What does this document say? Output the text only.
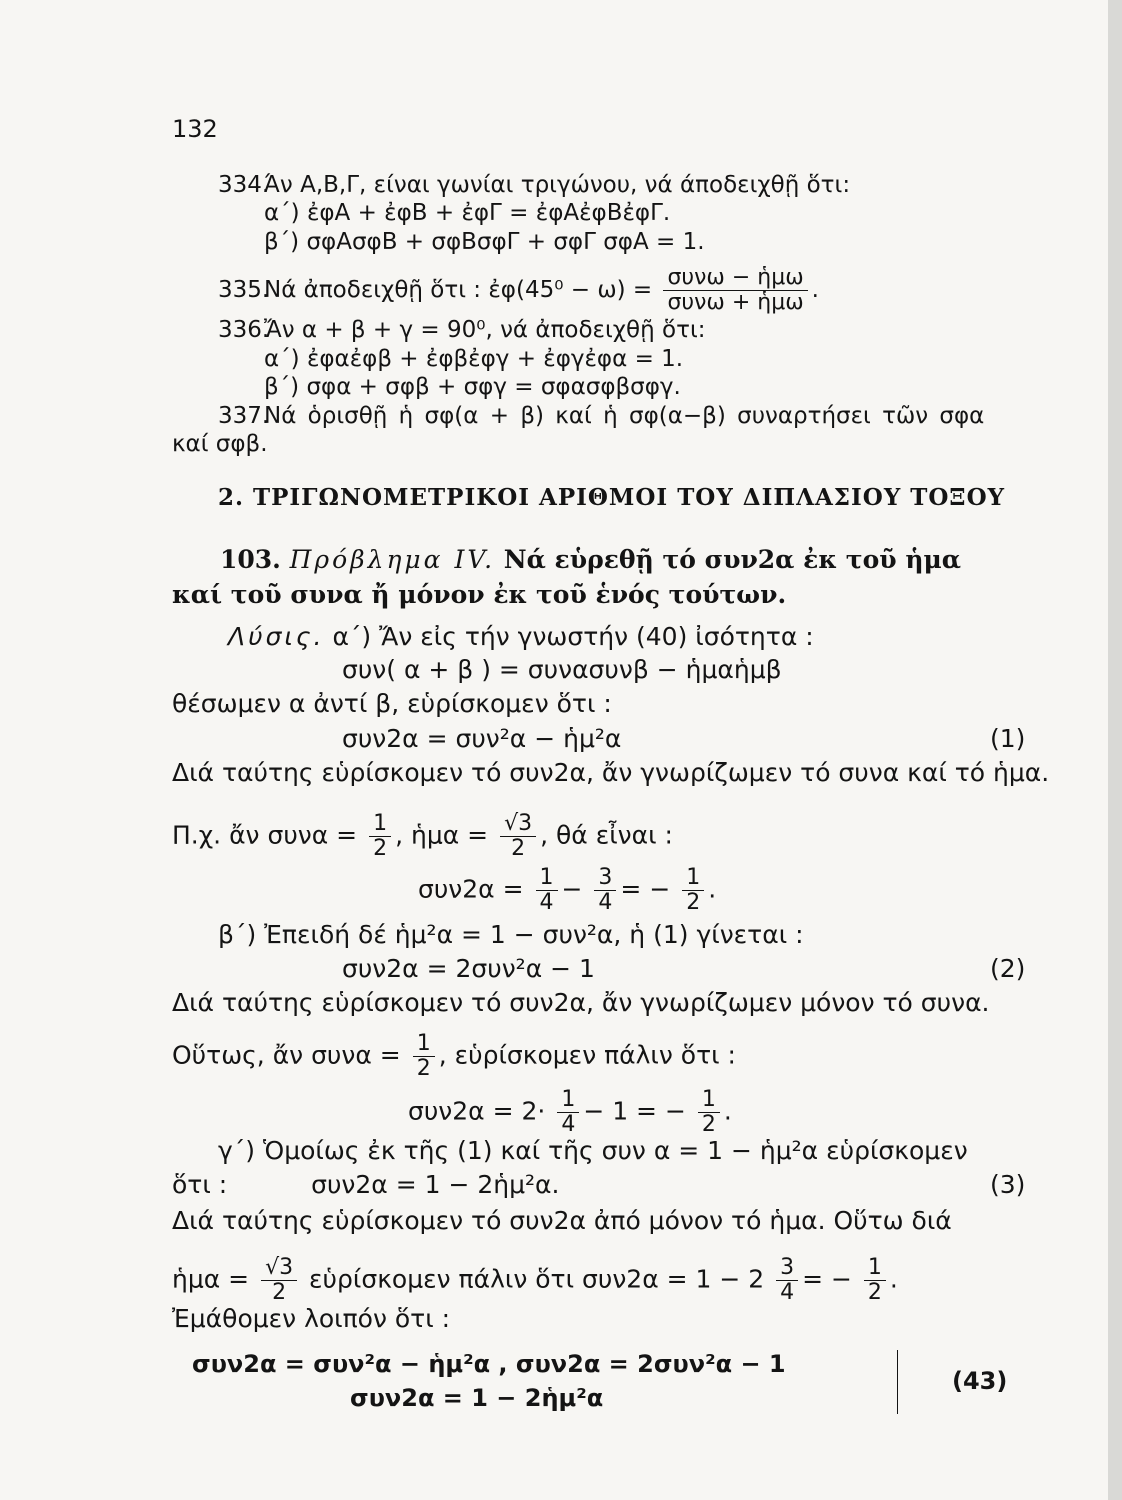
132
334.Άν Α,Β,Γ, είναι γωνίαι τριγώνου, νά άποδειχθῇ ὅτι:
α΄) ἐφΑ + ἐφΒ + ἐφΓ = ἐφΑἐφΒἐφΓ.
β΄) σφΑσφΒ + σφΒσφΓ + σφΓ σφΑ = 1.
335.Νά ἀποδειχθῇ ὅτι : ἐφ(45⁰ − $\omega) = \frac{\text{συνω − ἡμω}}{\text{συνω + ἡμω}}$ .
336.Ἄν α + β + γ = 90⁰, νά ἀποδειχθῇ ὅτι:
α΄) ἐφαἐφβ + ἐφβἐφγ + ἐφγἐφα = 1.
β΄) σφα + σφβ + σφγ = σφασφβσφγ.
337.Νά ὁρισθῇ ἡ σφ(α + β) καί ἡ σφ(α−β) συναρτήσει τῶν σφα
καί σφβ.
2. ΤΡΙΓΩΝΟΜΕΤΡΙΚΟΙ ΑΡΙΘΜΟΙ ΤΟΥ ΔΙΠΛΑΣΙΟΥ ΤΟΞΟΥ
103. Πρόβλημα IV. Νά εὑρεθῇ τό συν2α ἐκ τοῦ ἡμα
καί τοῦ συνα ἤ μόνον ἐκ τοῦ ἑνός τούτων.
Λύσις. α΄) Ἄν εἰς τήν γνωστήν (40) ἰσότητα :
συν( α + β ) = συνασυνβ − ἡμαἡμβ
θέσωμεν α ἀντί β, εὑρίσκομεν ὅτι :
συν2α = συν²α − ἡμ²α	(1)
Διά ταύτης εὑρίσκομεν τό συν2α, ἄν γνωρίζωμεν τό συνα καί τό ἡμα.
Π.χ. ἄν $\sigma\upsilon\nu\alpha = \frac{1}{2}$ , ἡμα = $\frac{√3}{2}$ , θά εἶναι :
$\sigma\upsilon\nu 2\alpha = \frac{1}{4} - \frac{3}{4}$ = − $\frac{1}{2}$ .
β΄) Ἐπειδή δέ ἡμ²α = 1 − συν²α, ἡ (1) γίνεται :
συν2α = 2συν²α − 1	(2)
Διά ταύτης εὑρίσκομεν τό συν2α, ἄν γνωρίζωμεν μόνον τό συνα.
Οὕτως, ἄν $\sigma\upsilon\nu\alpha = \frac{1}{2}$ , εὑρίσκομεν πάλιν ὅτι :
$\sigma\upsilon\nu 2\alpha = 2\cdot \frac{1}{4} - 1$ = − $\frac{1}{2}$ .
γ΄) Ὁμοίως ἐκ τῆς (1) καί τῆς συν α = 1 − ἡμ²α εὑρίσκομεν
ὅτι :	συν2α = 1 − 2ἡμ²α.	(3)
Διά ταύτης εὑρίσκομεν τό συν2α ἀπό μόνον τό ἡμα. Οὕτω διά
ἡμα = $\frac{√3}{2}$ εὑρίσκομεν πάλιν ὅτι $\sigma\upsilon\nu 2\alpha = 1 - 2 \frac{3}{4}$ = − $\frac{1}{2}$ .
Ἐμάθομεν λοιπόν ὅτι :
συν2α = συν²α − ἡμ²α , συν2α = 2συν²α − 1
συν2α = 1 − 2ἡμ²α
(43)
